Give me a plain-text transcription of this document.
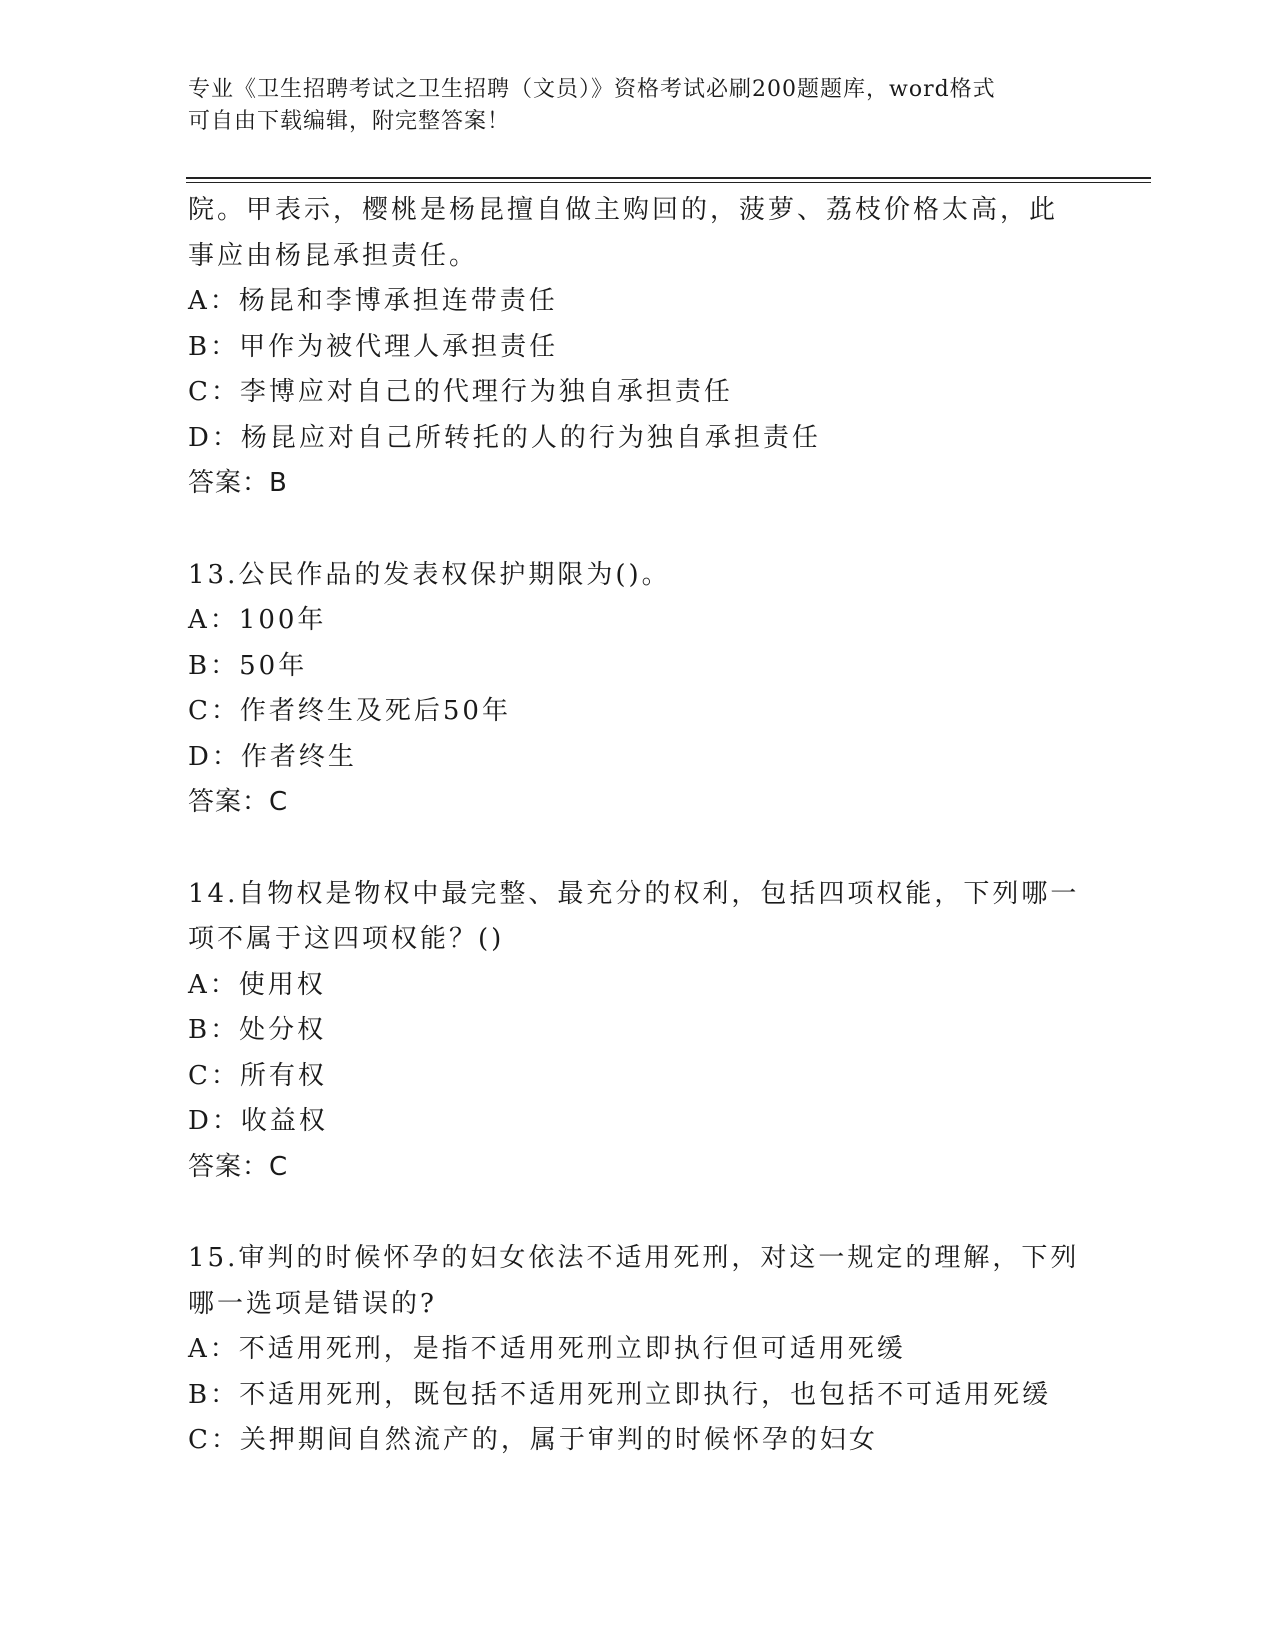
专业《卫生招聘考试之卫生招聘（文员）》资格考试必刷200题题库，word格式
可自由下载编辑，附完整答案！
院。甲表示，樱桃是杨昆擅自做主购回的，菠萝、荔枝价格太高，此
事应由杨昆承担责任。
A：杨昆和李博承担连带责任
B：甲作为被代理人承担责任
C：李博应对自己的代理行为独自承担责任
D：杨昆应对自己所转托的人的行为独自承担责任
答案：B
13.公民作品的发表权保护期限为()。
A：100年
B：50年
C：作者终生及死后50年
D：作者终生
答案：C
14.自物权是物权中最完整、最充分的权利，包括四项权能，下列哪一
项不属于这四项权能？()
A：使用权
B：处分权
C：所有权
D：收益权
答案：C
15.审判的时候怀孕的妇女依法不适用死刑，对这一规定的理解，下列
哪一选项是错误的?
A：不适用死刑，是指不适用死刑立即执行但可适用死缓
B：不适用死刑，既包括不适用死刑立即执行，也包括不可适用死缓
C：关押期间自然流产的，属于审判的时候怀孕的妇女
